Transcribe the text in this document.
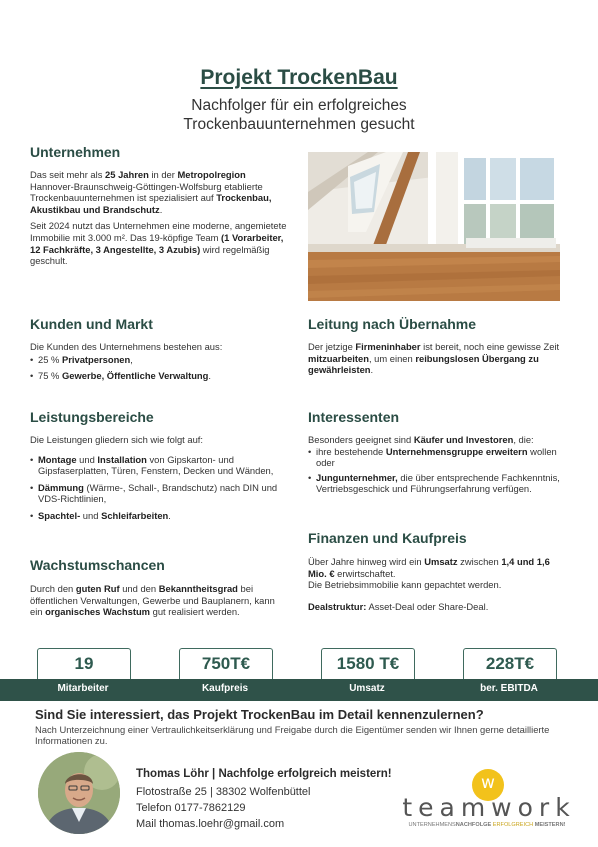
Projekt TrockenBau
Nachfolger für ein erfolgreiches
Trockenbauunternehmen gesucht
Unternehmen
Das seit mehr als 25 Jahren in der Metropolregion Hannover-Braunschweig-Göttingen-Wolfsburg etablierte Trockenbauunternehmen ist spezialisiert auf Trockenbau, Akustikbau und Brandschutz.
Seit 2024 nutzt das Unternehmen eine moderne, angemietete Immobilie mit 3.000 m². Das 19-köpfige Team (1 Vorarbeiter, 12 Fachkräfte, 3 Angestellte, 3 Azubis) wird regelmäßig geschult.
Kunden und Markt
Die Kunden des Unternehmens bestehen aus:
• 25 % Privatpersonen,
• 75 % Gewerbe, Öffentliche Verwaltung.
Leitung nach Übernahme
Der jetzige Firmeninhaber ist bereit, noch eine gewisse Zeit mitzuarbeiten, um einen reibungslosen Übergang zu gewährleisten.
Leistungsbereiche
Die Leistungen gliedern sich wie folgt auf:
• Montage und Installation von Gipskarton- und Gipsfaserplatten, Türen, Fenstern, Decken und Wänden,
• Dämmung (Wärme-, Schall-, Brandschutz) nach DIN und VDS-Richtlinien,
• Spachtel- und Schleifarbeiten.
Interessenten
Besonders geeignet sind Käufer und Investoren, die:
• ihre bestehende Unternehmensgruppe erweitern wollen oder
• Jungunternehmer, die über entsprechende Fachkenntnis, Vertriebsgeschick und Führungserfahrung verfügen.
Finanzen und Kaufpreis
Über Jahre hinweg wird ein Umsatz zwischen 1,4 und 1,6 Mio. € erwirtschaftet.
Die Betriebsimmobilie kann gepachtet werden.
Dealstruktur: Asset-Deal oder Share-Deal.
Wachstumschancen
Durch den guten Ruf und den Bekanntheitsgrad bei öffentlichen Verwaltungen, Gewerbe und Bauplanern, kann ein organisches Wachstum gut realisiert werden.
19	750T€	1580 T€	228T€
Mitarbeiter	Kaufpreis	Umsatz	ber. EBITDA
Sind Sie interessiert, das Projekt TrockenBau im Detail kennenzulernen?
Nach Unterzeichnung einer Vertraulichkeitserklärung und Freigabe durch die Eigentümer senden wir Ihnen gerne detaillierte Informationen zu.
Thomas Löhr | Nachfolge erfolgreich meistern!
Flotostraße 25 | 38302 Wolfenbüttel
Telefon 0177-7862129
Mail thomas.loehr@gmail.com
w
teamwork
UNTERNEHMENSNACHFOLGE ERFOLGREICH MEISTERN!
